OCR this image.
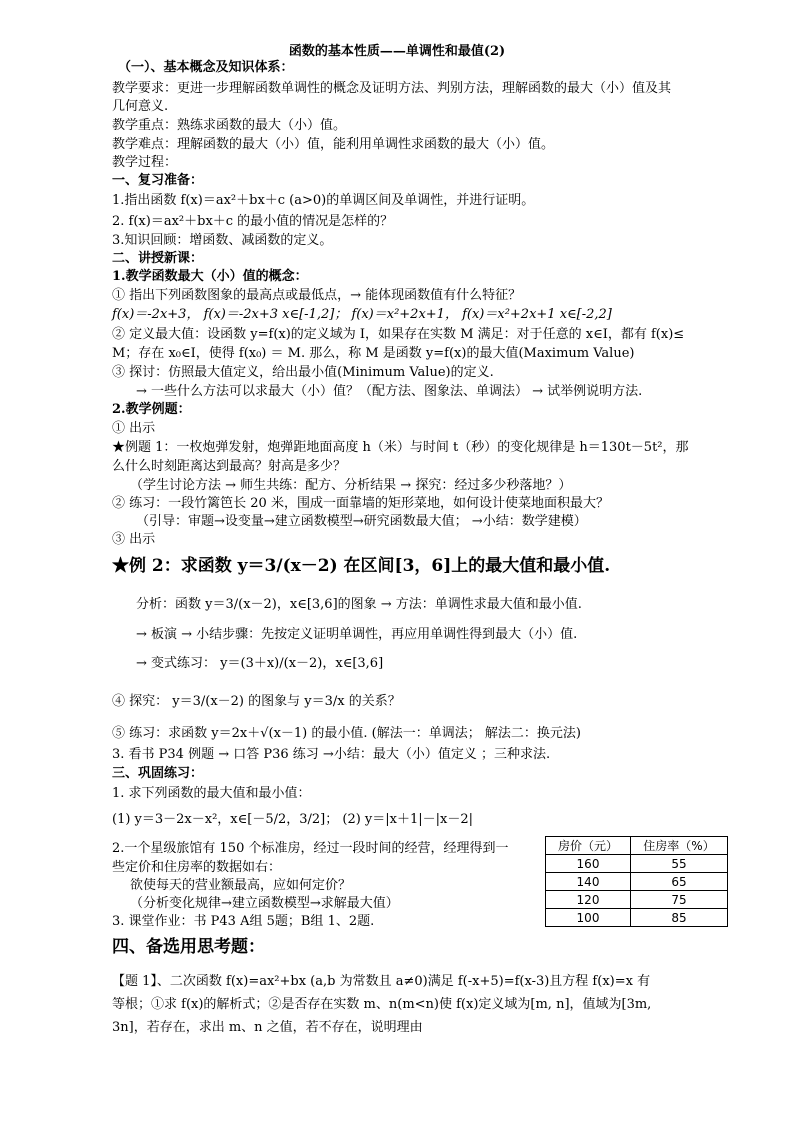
函数的基本性质——单调性和最值(2)
（一）、基本概念及知识体系：
教学要求：更进一步理解函数单调性的概念及证明方法、判别方法，理解函数的最大（小）值及其
几何意义.
教学重点：熟练求函数的最大（小）值。
教学难点：理解函数的最大（小）值，能利用单调性求函数的最大（小）值。
教学过程：
一、复习准备：
1.指出函数 f(x)＝ax²＋bx＋c (a>0)的单调区间及单调性，并进行证明。
2. f(x)＝ax²＋bx＋c 的最小值的情况是怎样的？
3.知识回顾：增函数、减函数的定义。
二、讲授新课：
1.教学函数最大（小）值的概念：
① 指出下列函数图象的最高点或最低点，→ 能体现函数值有什么特征？
f(x)＝-2x+3， f(x)＝-2x+3 x∈[-1,2]； f(x)＝x²+2x+1， f(x)＝x²+2x+1 x∈[-2,2]
② 定义最大值：设函数 y=f(x)的定义域为 I，如果存在实数 M 满足：对于任意的 x∈I，都有 f(x)≤
M；存在 x₀∈I，使得 f(x₀) ＝ M. 那么，称 M 是函数 y=f(x)的最大值(Maximum Value)
③ 探讨：仿照最大值定义，给出最小值(Minimum Value)的定义.
→ 一些什么方法可以求最大（小）值？（配方法、图象法、单调法） → 试举例说明方法.
2.教学例题：
① 出示
★例题 1：一枚炮弹发射，炮弹距地面高度 h（米）与时间 t（秒）的变化规律是 h＝130t－5t²，那
么什么时刻距离达到最高？射高是多少？
（学生讨论方法 → 师生共练：配方、分析结果 → 探究：经过多少秒落地？）
② 练习：一段竹篱笆长 20 米，围成一面靠墙的矩形菜地，如何设计使菜地面积最大？
（引导：审题→设变量→建立函数模型→研究函数最大值； →小结：数学建模）
③ 出示
★例 2：求函数 y＝3/(x－2) 在区间[3，6]上的最大值和最小值.
分析：函数 y＝3/(x－2)，x∈[3,6]的图象 → 方法：单调性求最大值和最小值.
→ 板演 → 小结步骤：先按定义证明单调性，再应用单调性得到最大（小）值.
→ 变式练习： y＝(3＋x)/(x－2)，x∈[3,6]
④ 探究： y＝3/(x－2) 的图象与 y＝3/x 的关系？
⑤ 练习：求函数 y＝2x＋√(x－1) 的最小值. (解法一：单调法； 解法二：换元法)
3. 看书 P34 例题 → 口答 P36 练习 →小结：最大（小）值定义 ；三种求法.
三、巩固练习：
1. 求下列函数的最大值和最小值：
(1) y＝3－2x－x²，x∈[－5/2，3/2]； (2) y＝|x＋1|－|x－2|
2.一个星级旅馆有 150 个标准房，经过一段时间的经营，经理得到一
些定价和住房率的数据如右：
欲使每天的营业额最高，应如何定价？
（分析变化规律→建立函数模型→求解最大值）
3. 课堂作业：书 P43 A组 5题；B组 1、2题.
四、备选用思考题：
【题 1】、二次函数 f(x)=ax²+bx (a,b 为常数且 a≠0)满足 f(-x+5)=f(x-3)且方程 f(x)=x 有
等根；①求 f(x)的解析式；②是否存在实数 m、n(m<n)使 f(x)定义域为[m, n]，值域为[3m,
3n]，若存在，求出 m、n 之值，若不存在，说明理由
房价（元）	住房率（%）
160	55
140	65
120	75
100	85
